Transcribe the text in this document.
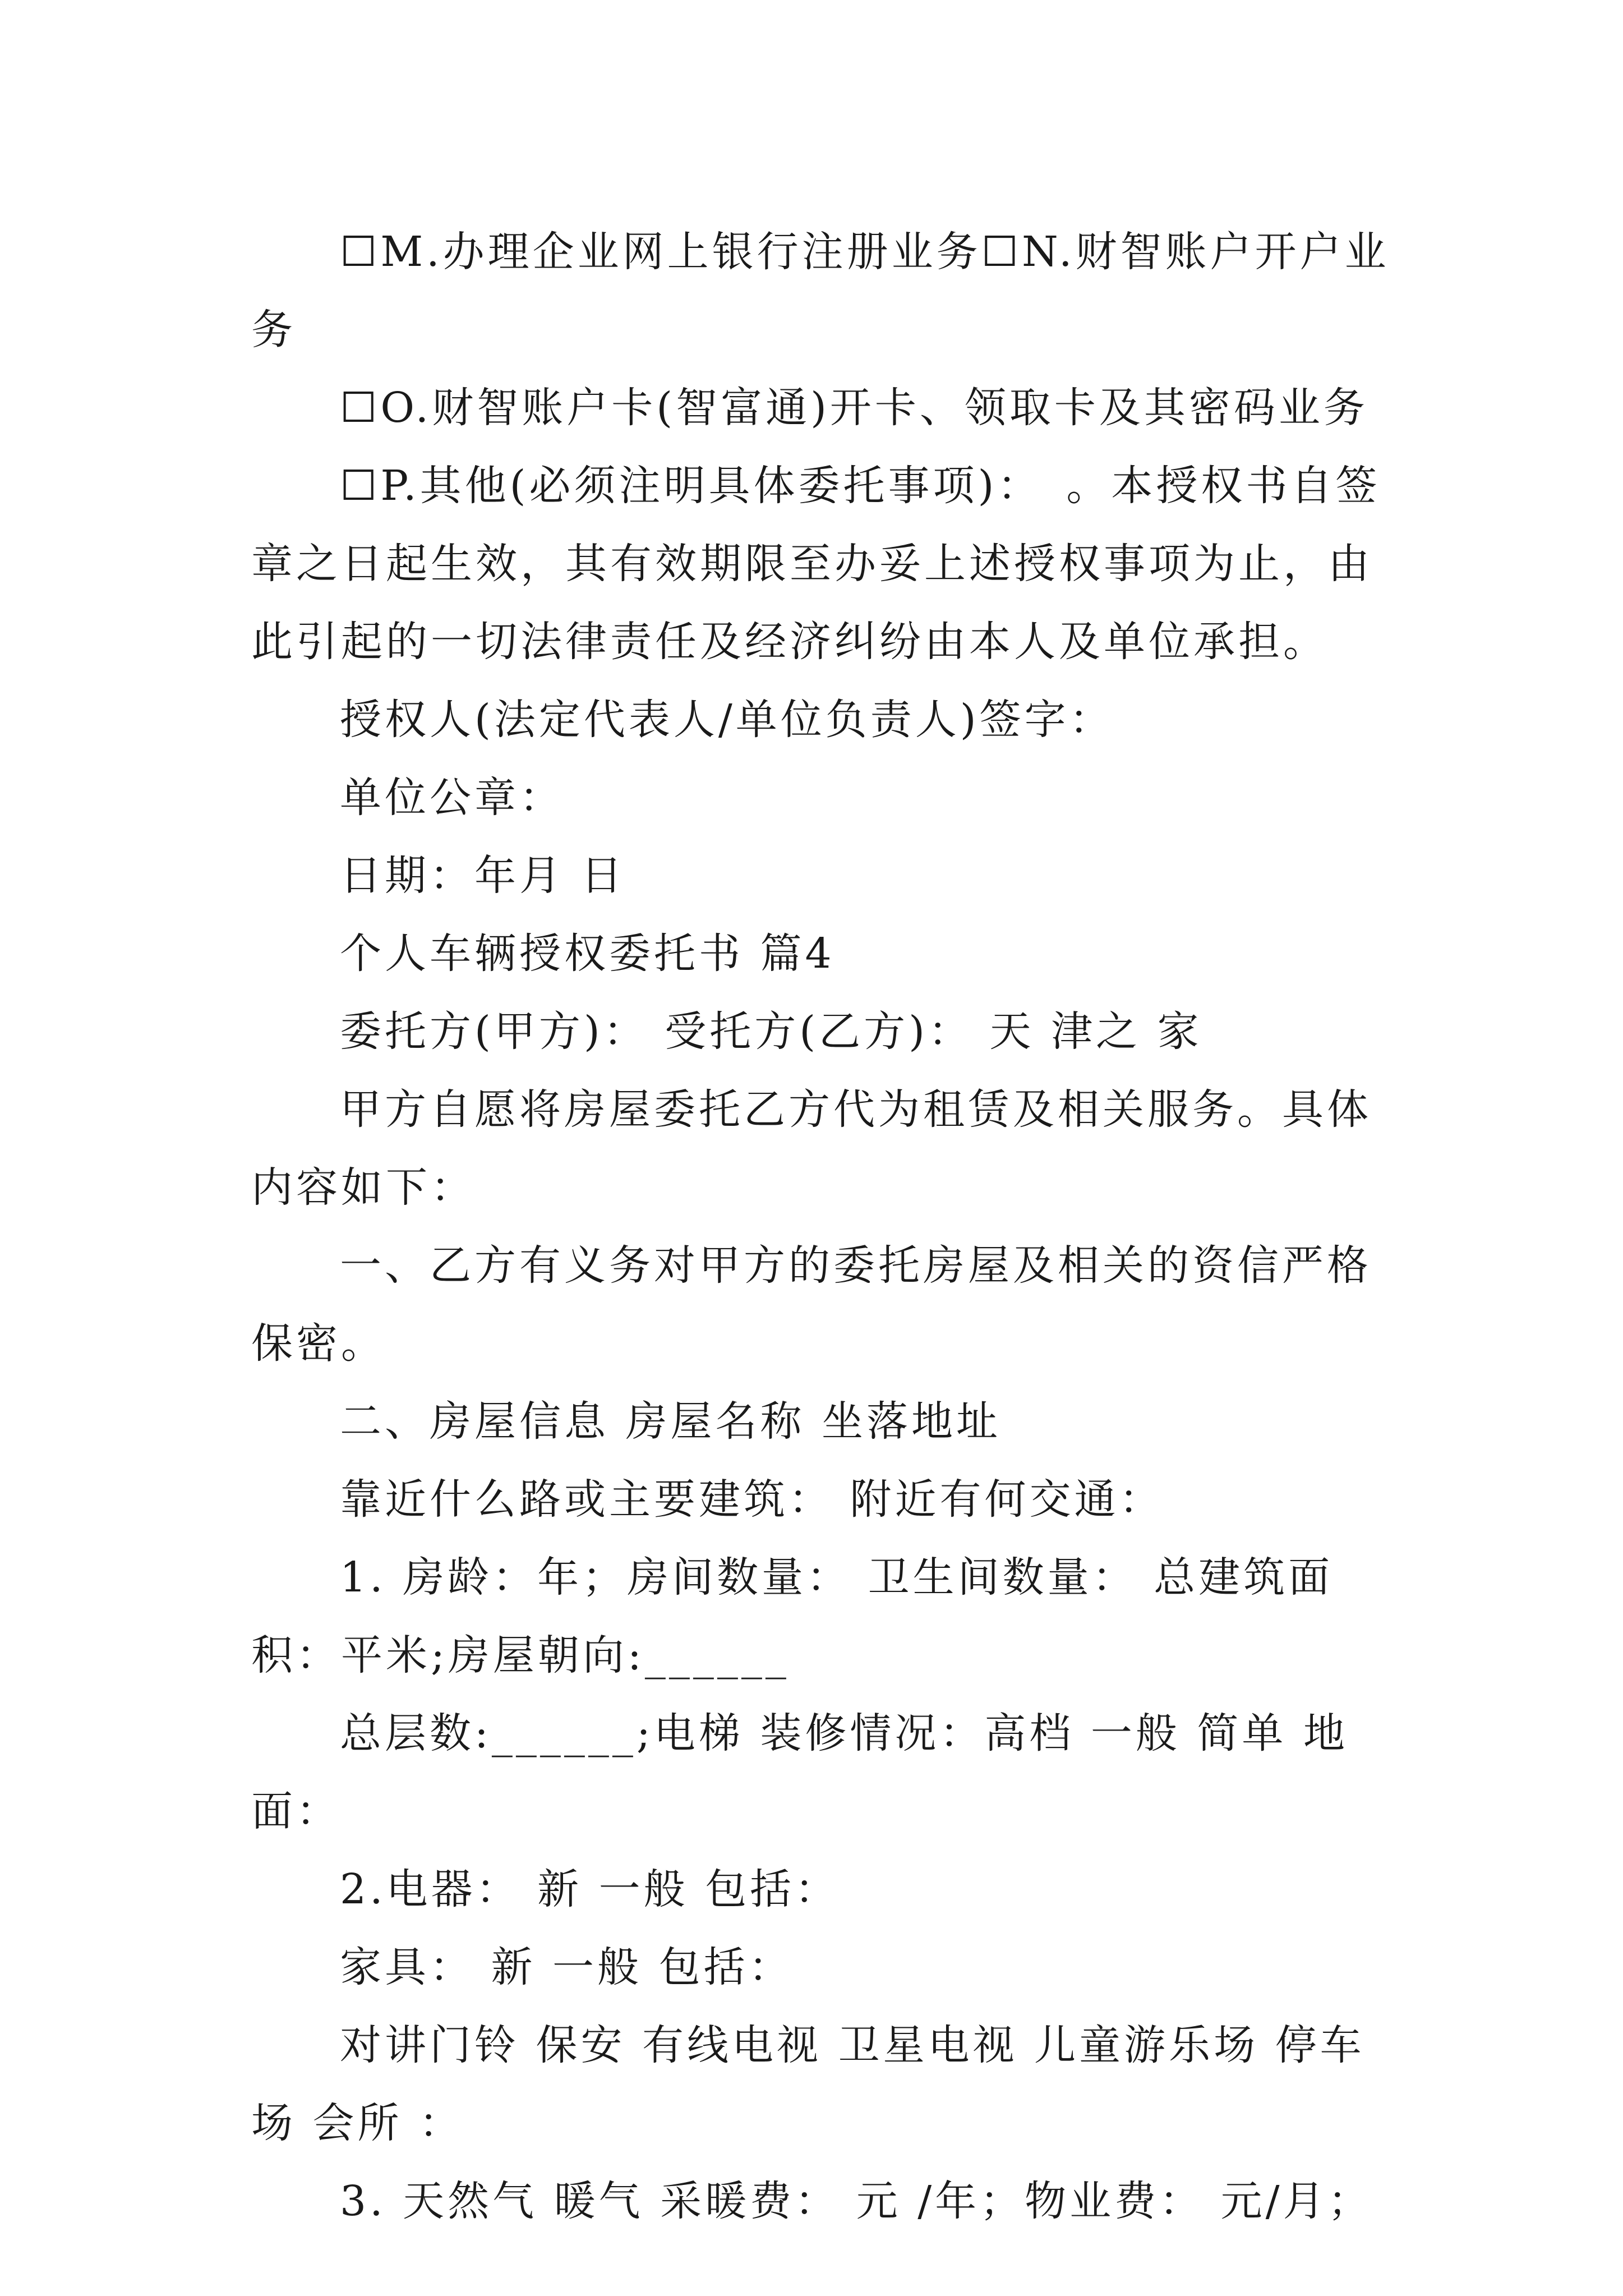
☐M.办理企业网上银行注册业务☐N.财智账户开户业务

☐O.财智账户卡(智富通)开卡、领取卡及其密码业务

☐P.其他(必须注明具体委托事项)：　。本授权书自签章之日起生效，其有效期限至办妥上述授权事项为止，由此引起的一切法律责任及经济纠纷由本人及单位承担。

授权人(法定代表人/单位负责人)签字：

单位公章：

日期：年月 日

个人车辆授权委托书 篇4

委托方(甲方)： 受托方(乙方)： 天 津之 家

甲方自愿将房屋委托乙方代为租赁及相关服务。具体内容如下：

一、乙方有义务对甲方的委托房屋及相关的资信严格保密。

二、房屋信息 房屋名称 坐落地址

靠近什么路或主要建筑： 附近有何交通：

1. 房龄：年；房间数量： 卫生间数量： 总建筑面积：平米;房屋朝向:______

总层数:______;电梯 装修情况：高档 一般 简单 地面：

2.电器： 新 一般 包括：

家具： 新 一般 包括：

对讲门铃 保安 有线电视 卫星电视 儿童游乐场 停车场 会所 ：

3. 天然气 暖气 采暖费： 元 /年；物业费： 元/月；
